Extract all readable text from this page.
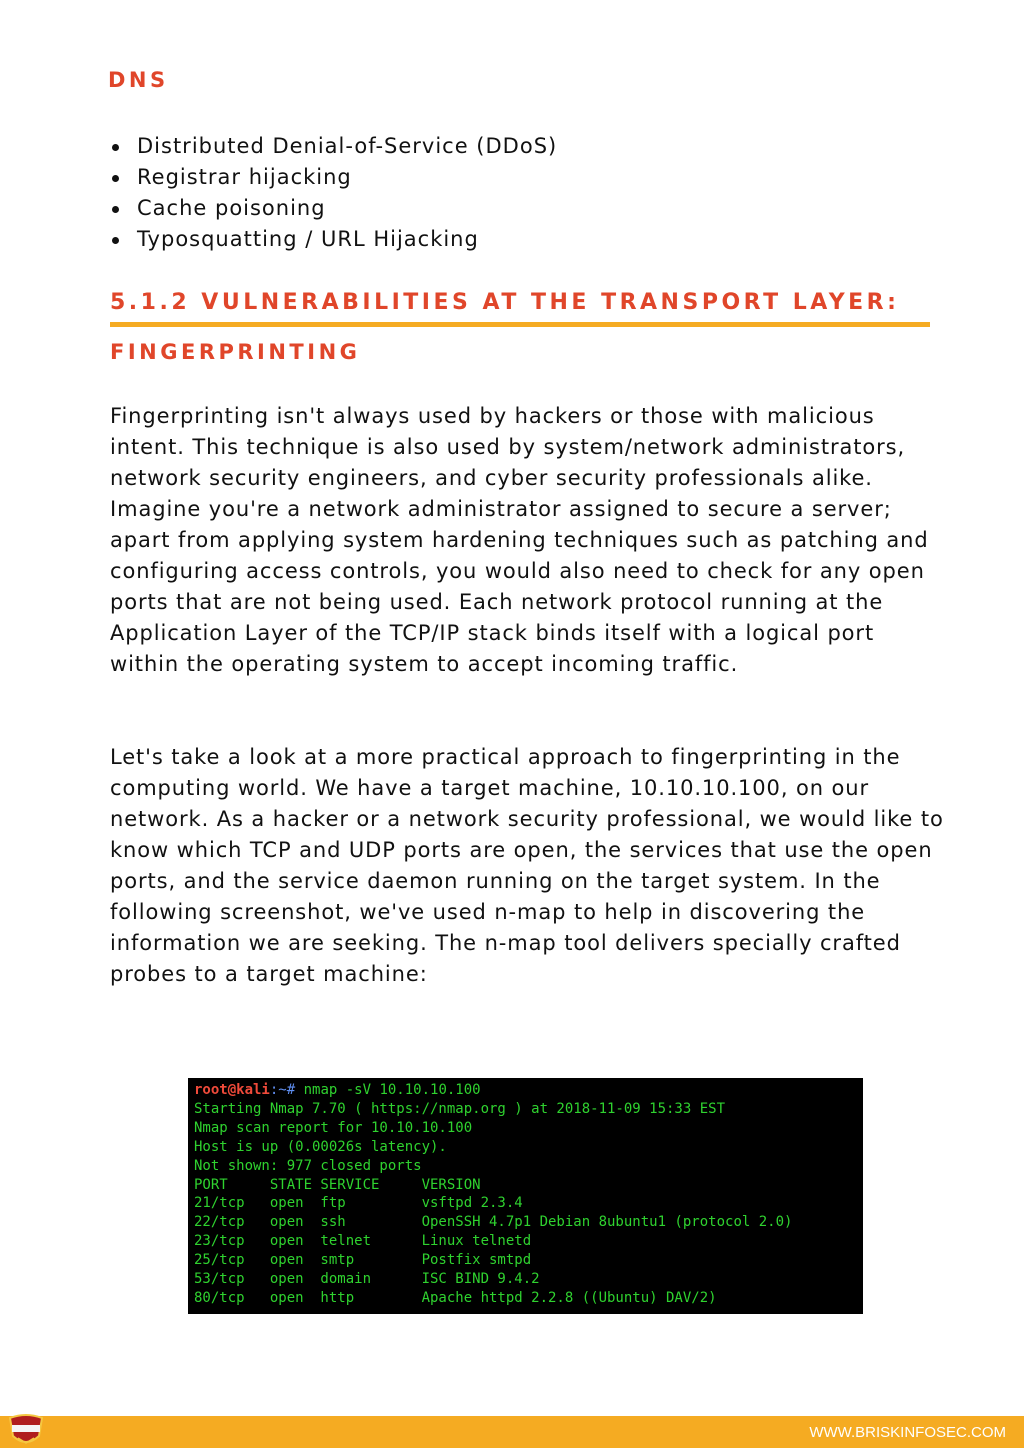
DNS
Distributed Denial-of-Service (DDoS)
Registrar hijacking
Cache poisoning
Typosquatting / URL Hijacking
5.1.2 VULNERABILITIES AT THE TRANSPORT LAYER:
FINGERPRINTING

Fingerprinting isn't always used by hackers or those with malicious intent. This technique is also used by system/network administrators, network security engineers, and cyber security professionals alike. Imagine you're a network administrator assigned to secure a server; apart from applying system hardening techniques such as patching and configuring access controls, you would also need to check for any open ports that are not being used. Each network protocol running at the Application Layer of the TCP/IP stack binds itself with a logical port within the operating system to accept incoming traffic.

Let's take a look at a more practical approach to fingerprinting in the computing world. We have a target machine, 10.10.10.100, on our network. As a hacker or a network security professional, we would like to know which TCP and UDP ports are open, the services that use the open ports, and the service daemon running on the target system. In the following screenshot, we've used n-map to help in discovering the information we are seeking. The n-map tool delivers specially crafted probes to a target machine:

root@kali:~# nmap -sV 10.10.10.100
Starting Nmap 7.70 ( https://nmap.org ) at 2018-11-09 15:33 EST
Nmap scan report for 10.10.10.100
Host is up (0.00026s latency).
Not shown: 977 closed ports
PORT     STATE SERVICE     VERSION
21/tcp   open  ftp         vsftpd 2.3.4
22/tcp   open  ssh         OpenSSH 4.7p1 Debian 8ubuntu1 (protocol 2.0)
23/tcp   open  telnet      Linux telnetd
25/tcp   open  smtp        Postfix smtpd
53/tcp   open  domain      ISC BIND 9.4.2
80/tcp   open  http        Apache httpd 2.2.8 ((Ubuntu) DAV/2)
WWW.BRISKINFOSEC.COM
